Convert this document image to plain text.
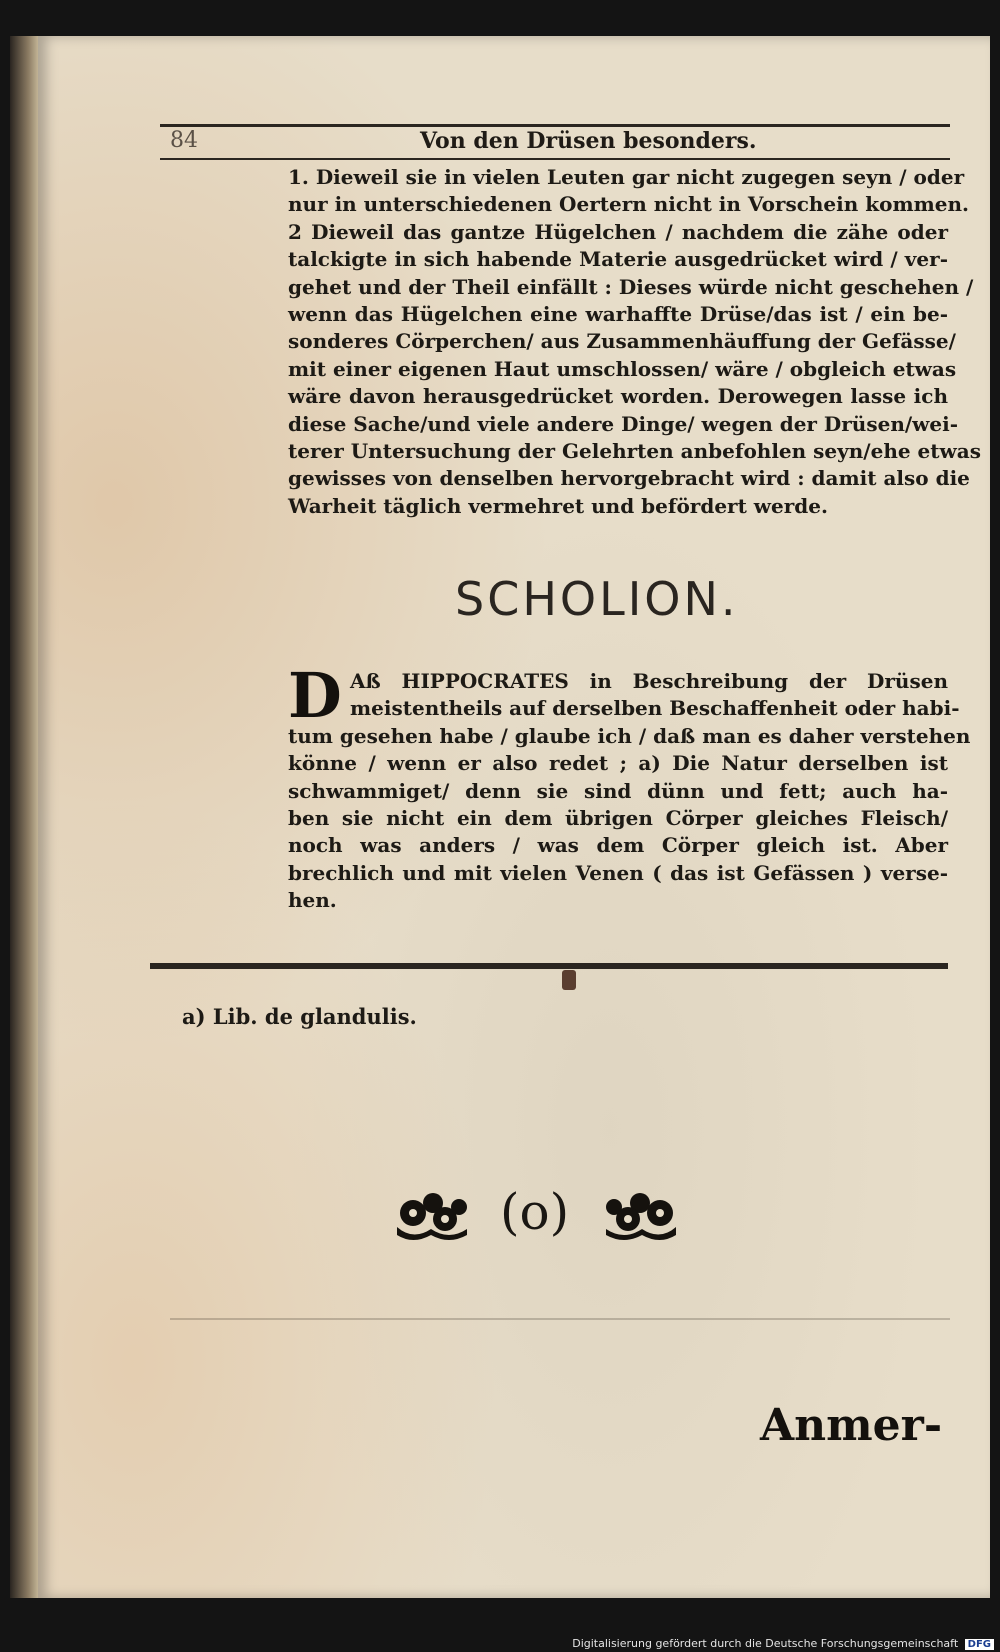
84	Von den Drüsen besonders.
1. Dieweil sie in vielen Leuten gar nicht zugegen seyn / oder
nur in unterschiedenen Oertern nicht in Vorschein kommen.
2 Dieweil das gantze Hügelchen / nachdem die zähe oder
talckigte in sich habende Materie ausgedrücket wird / ver-
gehet und der Theil einfällt : Dieses würde nicht geschehen /
wenn das Hügelchen eine warhaffte Drüse/das ist / ein be-
sonderes Cörperchen/ aus Zusammenhäuffung der Gefässe/
mit einer eigenen Haut umschlossen/ wäre / obgleich etwas
wäre davon herausgedrücket worden. Derowegen lasse ich
diese Sache/und viele andere Dinge/ wegen der Drüsen/wei-
terer Untersuchung der Gelehrten anbefohlen seyn/ehe etwas
gewisses von denselben hervorgebracht wird : damit also die
Warheit täglich vermehret und befördert werde.
SCHOLION.
D Aß HIPPOCRATES in Beschreibung der Drüsen
meistentheils auf derselben Beschaffenheit oder habi-
tum gesehen habe / glaube ich / daß man es daher verstehen
könne / wenn er also redet ; a) Die Natur derselben ist
schwammiget/ denn sie sind dünn und fett; auch ha-
ben sie nicht ein dem übrigen Cörper gleiches Fleisch/
noch was anders / was dem Cörper gleich ist. Aber
brechlich und mit vielen Venen ( das ist Gefässen ) verse-
hen.
a) Lib. de glandulis.
(o)
Anmer-
Digitalisierung gefördert durch die Deutsche Forschungsgemeinschaft DFG
